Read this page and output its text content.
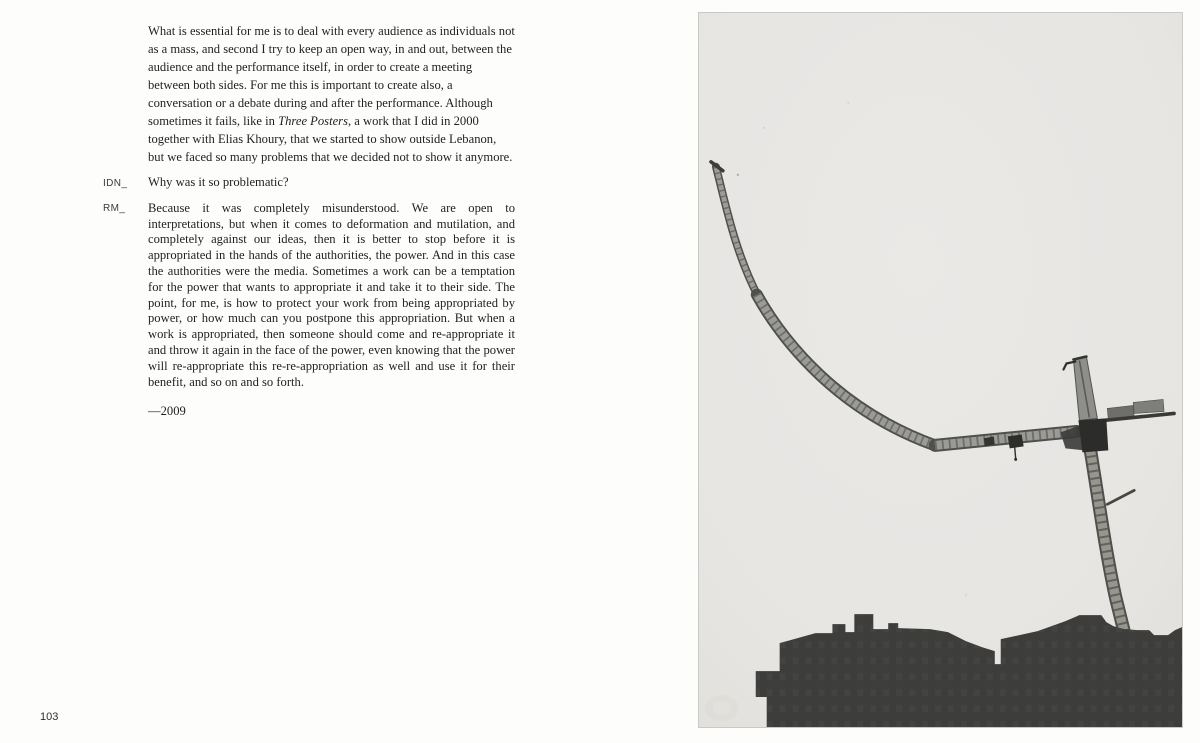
What is essential for me is to deal with every audience as individuals not as a mass, and second I try to keep an open way, in and out, between the audience and the performance itself, in order to create a meeting between both sides. For me this is important to create also, a conversation or a debate during and after the performance. Although sometimes it fails, like in Three Posters, a work that I did in 2000 together with Elias Khoury, that we started to show outside Lebanon, but we faced so many problems that we decided not to show it anymore.

IDN_ Why was it so problematic?

RM_ Because it was completely misunderstood. We are open to interpretations, but when it comes to deformation and mutilation, and completely against our ideas, then it is better to stop before it is appropriated in the hands of the authorities, the power. And in this case the authorities were the media. Sometimes a work can be a temptation for the power that wants to appropriate it and take it to their side. The point, for me, is how to protect your work from being appropriated by power, or how much can you postpone this appropriation. But when a work is appropriated, then someone should come and re-appropriate it and throw it again in the face of the power, even knowing that the power will re-appropriate this re-re-appropriation as well and use it for their benefit, and so on and so forth.

—2009

103
